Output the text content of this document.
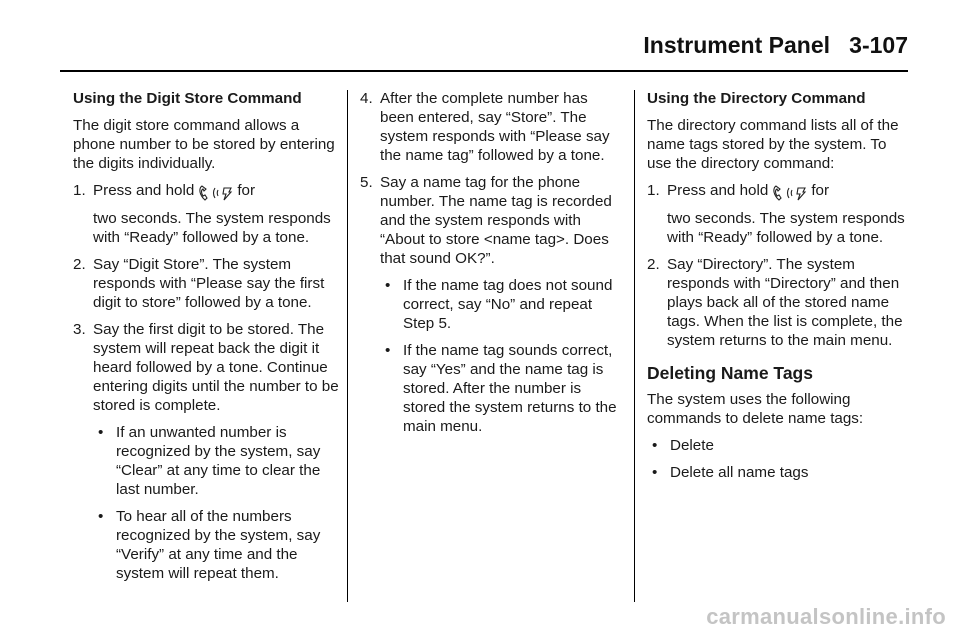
Instrument Panel   3-107
Using the Digit Store Command

The digit store command allows a phone number to be stored by entering the digits individually.

1. Press and hold	for
two seconds. The system responds with “Ready” followed by a tone.
2. Say “Digit Store”. The system responds with “Please say the first digit to store” followed by a tone.
3. Say the first digit to be stored. The system will repeat back the digit it heard followed by a tone. Continue entering digits until the number to be stored is complete.
• If an unwanted number is recognized by the system, say “Clear” at any time to clear the last number.
• To hear all of the numbers recognized by the system, say “Verify” at any time and the system will repeat them.
4. After the complete number has been entered, say “Store”. The system responds with “Please say the name tag” followed by a tone.
5. Say a name tag for the phone number. The name tag is recorded and the system responds with “About to store <name tag>. Does that sound OK?”.
• If the name tag does not sound correct, say “No” and repeat Step 5.
• If the name tag sounds correct, say “Yes” and the name tag is stored. After the number is stored the system returns to the main menu.
Using the Directory Command

The directory command lists all of the name tags stored by the system. To use the directory command:

1. Press and hold	for
two seconds. The system responds with “Ready” followed by a tone.
2. Say “Directory”. The system responds with “Directory” and then plays back all of the stored name tags. When the list is complete, the system returns to the main menu.
Deleting Name Tags

The system uses the following commands to delete name tags:

• Delete
• Delete all name tags
carmanualsonline.info
